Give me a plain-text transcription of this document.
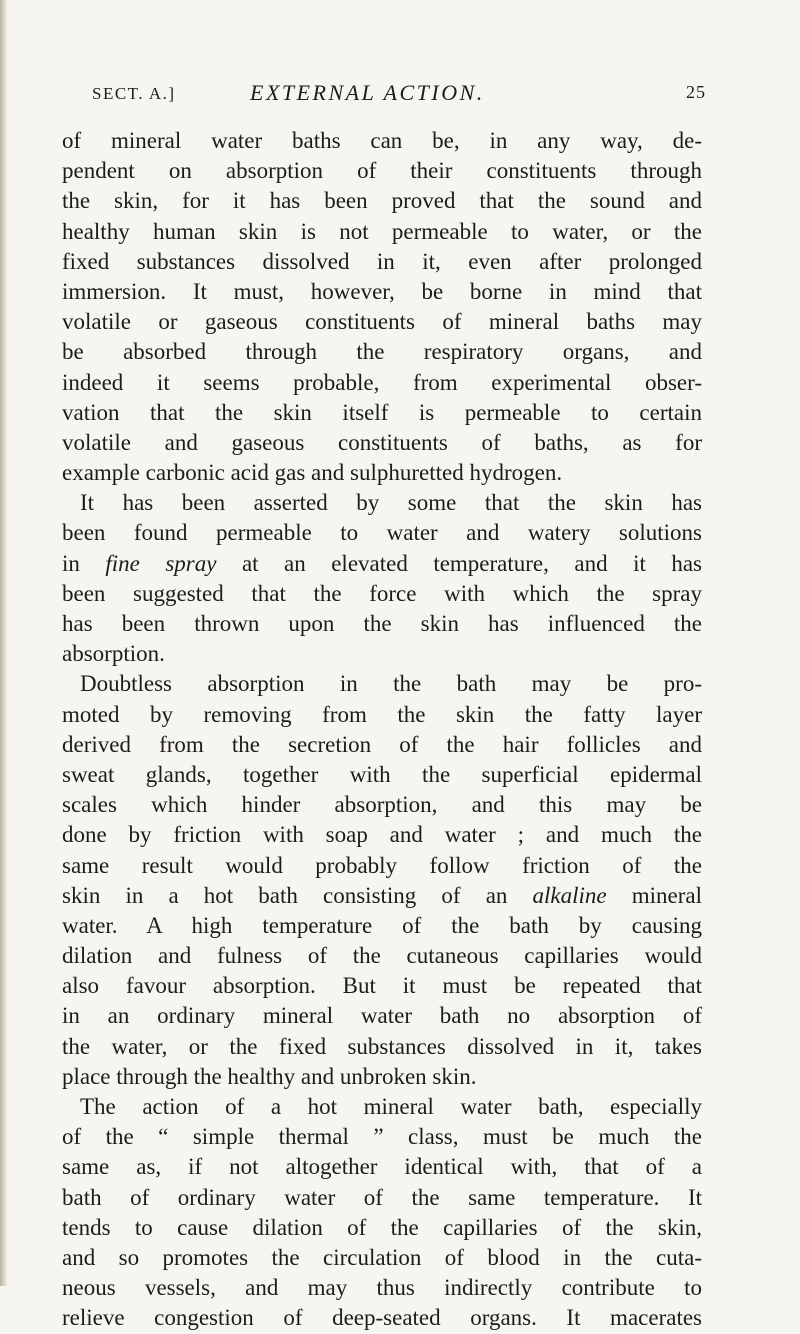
SECT. A.]	EXTERNAL ACTION.	25
of mineral water baths can be, in any way, de-
pendent on absorption of their constituents through
the skin, for it has been proved that the sound and
healthy human skin is not permeable to water, or the
fixed substances dissolved in it, even after prolonged
immersion. It must, however, be borne in mind that
volatile or gaseous constituents of mineral baths may
be absorbed through the respiratory organs, and
indeed it seems probable, from experimental obser-
vation that the skin itself is permeable to certain
volatile and gaseous constituents of baths, as for
example carbonic acid gas and sulphuretted hydrogen.
It has been asserted by some that the skin has
been found permeable to water and watery solutions
in fine spray at an elevated temperature, and it has
been suggested that the force with which the spray
has been thrown upon the skin has influenced the
absorption.
Doubtless absorption in the bath may be pro-
moted by removing from the skin the fatty layer
derived from the secretion of the hair follicles and
sweat glands, together with the superficial epidermal
scales which hinder absorption, and this may be
done by friction with soap and water ; and much the
same result would probably follow friction of the
skin in a hot bath consisting of an alkaline mineral
water. A high temperature of the bath by causing
dilation and fulness of the cutaneous capillaries would
also favour absorption. But it must be repeated that
in an ordinary mineral water bath no absorption of
the water, or the fixed substances dissolved in it, takes
place through the healthy and unbroken skin.
The action of a hot mineral water bath, especially
of the “ simple thermal ” class, must be much the
same as, if not altogether identical with, that of a
bath of ordinary water of the same temperature. It
tends to cause dilation of the capillaries of the skin,
and so promotes the circulation of blood in the cuta-
neous vessels, and may thus indirectly contribute to
relieve congestion of deep-seated organs. It macerates
